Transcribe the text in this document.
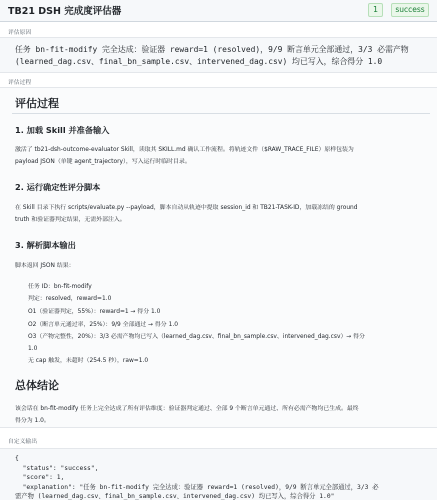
TB21 DSH 完成度评估器	1	success
评估原因
任务 bn-fit-modify 完全达成：验证器 reward=1 (resolved)，9/9 断言单元全部通过，3/3 必需产物
(learned_dag.csv、final_bn_sample.csv、intervened_dag.csv) 均已写入，综合得分 1.0
评估过程
评估过程
1. 加载 Skill 并准备输入
激活了 tb21-dsh-outcome-evaluator Skill，读取其 SKILL.md 确认工作流程。将轨迹文件（$RAW_TRACE_FILE）原样包装为
payload JSON（单键 agent_trajectory），写入运行时临时目录。
2. 运行确定性评分脚本
在 Skill 目录下执行 scripts/evaluate.py --payload，脚本自动从轨迹中提取 session_id 和 TB21-TASK-ID，加载冻结的 ground
truth 和验证器判定结果，无需外部注入。
3. 解析脚本输出
脚本返回 JSON 结果：
任务 ID：bn-fit-modify
判定：resolved，reward=1.0
O1（验证器判定，55%）：reward=1 → 得分 1.0
O2（断言单元通过率，25%）：9/9 全部通过 → 得分 1.0
O3（产物完整性，20%）：3/3 必需产物均已写入（learned_dag.csv、final_bn_sample.csv、intervened_dag.csv）→ 得分
1.0
无 cap 触发，未超时（254.5 秒），raw=1.0
总体结论
该会话在 bn-fit-modify 任务上完全达成了所有评估维度：验证器判定通过、全部 9 个断言单元通过、所有必需产物均已生成。最终
得分为 1.0。
自定义输出
{
"status": "success",
"score": 1,
"explanation": "任务 bn-fit-modify 完全达成：验证器 reward=1 (resolved)，9/9 断言单元全部通过，3/3 必
需产物 (learned_dag.csv、final_bn_sample.csv、intervened_dag.csv) 均已写入，综合得分 1.0"
